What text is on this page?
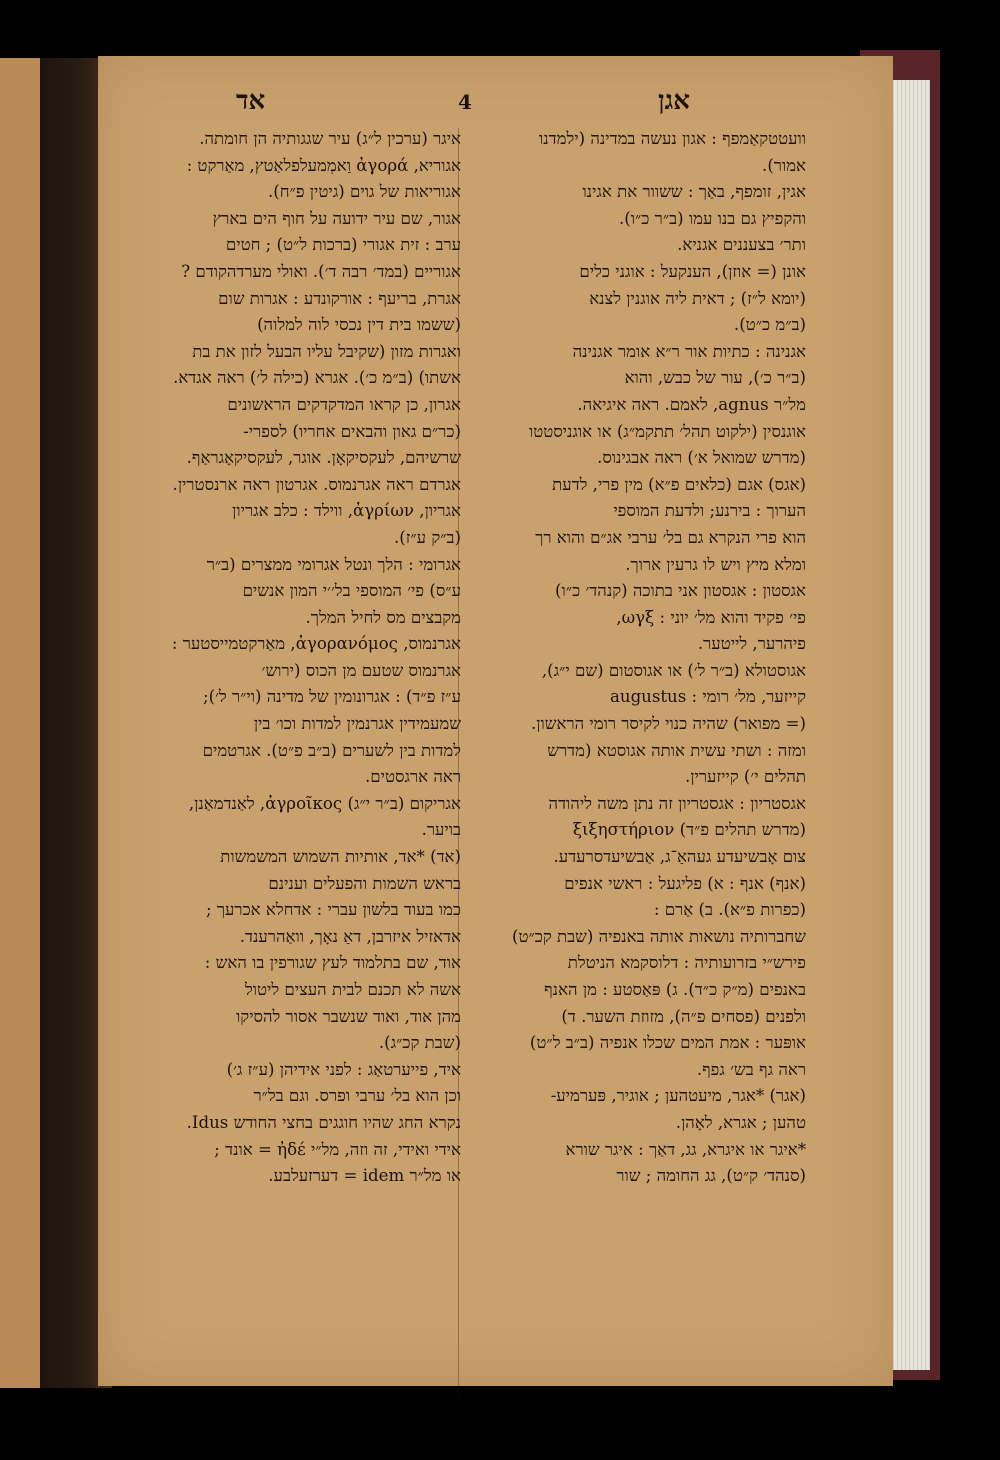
אד	4	אגן

איגר (ערכין ל״ג) עיר שגגותיה הן חומתה.

אגוריא, ἀγορά וַאמְמעלפלאַטץ, מאַרקט :

אגוריאות של גוים (גיטין פ״ח).

אגור, שם עיר ידועה על חוף הים בארץ

ערב : זית אגורי (ברכות ל״ט) ; חטים

אגוריים (במד׳ רבה ד׳). ואולי מערדהקודם ?

אגרת, בריעף : אורקונדע : אגרות שום

(ששמו בית דין נכסי לוה למלוה)

ואגרות מזון (שקיבל עליו הבעל לזון את בת

אשתו) (ב״מ כ׳). אגרא (כילה ל׳) ראה אגדא.

אגרון, כן קראו המדקדקים הראשונים

(כר״ם גאון והבאים אחריו) לספרי-

שרשיהם, לעקסיקאָן. אוגר, לעקסיקאָגראַף.

אגרדם ראה אגרנמוס. אגרטון ראה ארנסטרין.

אגריון, ἀγρίων, ווילד : כלב אגריון

(ב״ק ע״ז).

אגרומי : הלך ונטל אגרומי ממצרים (ב״ר

ע״ס) פי׳ המוספי בל׳׳י המון אנשים

מקבצים מס לחיל המלך.

אגרנמוס, ἀγορανόμος, מאַרקטמייסטער :

אגרנמוס שטעם מן הכוס (ירוש׳

ע״ז פ״ד) : אגרונומין של מדינה (וי״ר ל׳);

שמעמידין אגרנמין למדות וכו׳ בין

למדות בין לשערים (ב״ב פ״ט). אגרטמים

ראה ארגסטים.

אגריקום (ב״ר י״ג) ἀγροῖκος, לאַנדמאַנן,

בויער.

(אד) *אד, אותיות השמוש המשמשות

בראש השמות והפעלים וענינם

כמו בעוד בלשון עברי : אדחלא אכרעך ;

אדאזיל איזרבן, דאַ נאָך, וואַהרענד.

אוד, שם בתלמוד לעץ שגורפין בו האש :

אשה לא תכנם לבית העצים ליטול

מהן אוד, ואוד שנשבר אסור להסיקו

(שבת קכ״ג).

איד, פייערטאַג : לפני אידיהן (ע״ז ג׳)

וכן הוא בל׳ ערבי ופרס. וגם בל״ר

נקרא החג שהיו חוגגים בחצי החודש Idus.

אידי ואידי, זה וזה, מל״י ἠδέ = אונד ;

או מל״ר idem = דערזעלבע.

וועטטקאַמפף : אגון נעשה במדינה (ילמדנו

אמור).

אגין, זומפף, באַך : ששוור את אגינו

והקפיץ גם בנו עמו (ב״ר כ״ו).

ותר׳ בצעננים אגניא.

אונן (= אוזן), הענקעל : אוגני כלים

(יומא ל״ז) ; דאית ליה אוגנין לצנא

(ב״מ כ״ט).

אגנינה : כתיות אור ר״א אומר אגנינה

(ב״ר כ׳), עור של כבש, והוא

מל״ר agnus, לאמם. ראה איגיאה.

אוגנסין (ילקוט תהל׳ תתקמ״ג) או אוגניסטטו

(מדרש שמואל א׳) ראה אבגינוס.

(אגס) אגם (כלאים פ״א) מין פרי, לדעת

הערוך : בירנע; ולדעת המוספי

הוא פרי הנקרא גם בל׳ ערבי אג״ם והוא רך

ומלא מיץ ויש לו גרעין ארוך.

אגסטון : אגסטון אני בתוכה (קנהד׳ כ״ו)

פי׳ פקיד והוא מל׳ יוני : ωγξ,

פיהרער, לייטער.

אגוסטולא (ב״ר ל׳) או אגוסטום (שם י״ג),

קייזער, מל׳ רומי : augustus

(= מפואר) שהיה כנוי לקיסר רומי הראשון.

ומזה : ושתי עשית אותה אגוסטא (מדרש

תהלים י׳) קייזערין.

אגסטריון : אגסטריון זה נתן משה ליהודה

(מדרש תהלים פ״ד) ξιξηστήριον

צום אָבשיעדע געהאַ־ג, אַבשיעדסרעדע.

(אנף) אנף : א) פליגעל : ראשי אנפים

(כפרות פ״א). ב) אַרם :

שחברותיה נושאות אותה באנפיה (שבת קכ״ט)

פירש״י בזרועותיה : דלוסקמא הניטלת

באנפים (מ״ק כ״ד). ג) פּאַסטע : מן האנף

ולפנים (פסחים פ״ה), מזוזת השער. ד)

אופּער : אמת המים שכלו אנפיה (ב״ב ל״ט)

ראה גף בש׳ גפף.

(אגר) *אגר, מיעטהען ; אוגיר, פּערמיע-

טהען ; אגרא, לאָהן.

*איגר או איגרא, גג, דאַך : איגר שורא

(סנהד׳ ק״ט), גג החומה ; שור
